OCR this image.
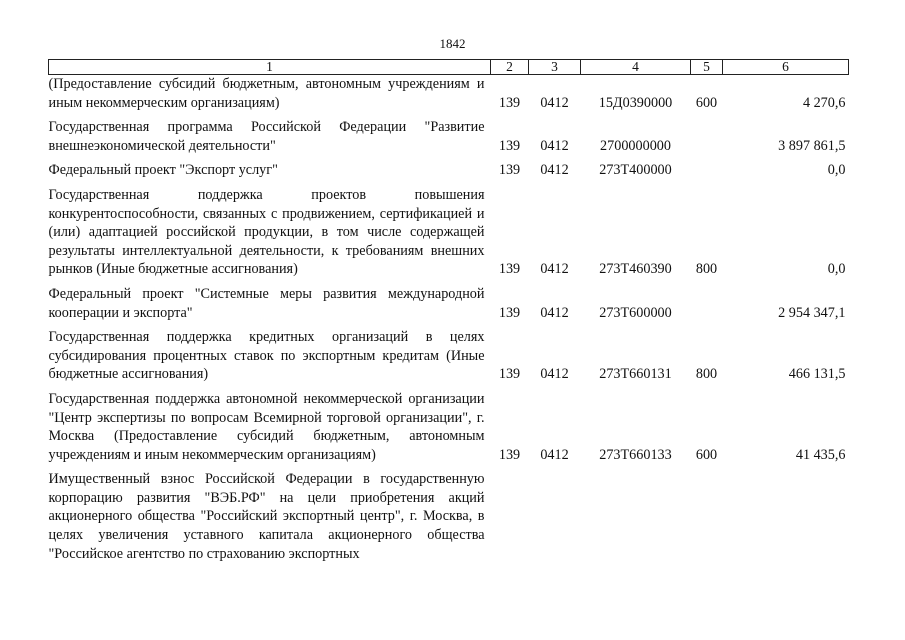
1842
1	2	3	4	5	6
(Предоставление субсидий бюджетным, автономным учреждениям и иным некоммерческим организациям)	139	0412	15Д0390000	600	4 270,6
Государственная программа Российской Федерации "Развитие внешнеэкономической деятельности"	139	0412	2700000000		3 897 861,5
Федеральный проект "Экспорт услуг"	139	0412	273Т400000		0,0
Государственная поддержка проектов повышения конкурентоспособности, связанных с продвижением, сертификацией и (или) адаптацией российской продукции, в том числе содержащей результаты интеллектуальной деятельности, к требованиям внешних рынков (Иные бюджетные ассигнования)	139	0412	273Т460390	800	0,0
Федеральный проект "Системные меры развития международной кооперации и экспорта"	139	0412	273Т600000		2 954 347,1
Государственная поддержка кредитных организаций в целях субсидирования процентных ставок по экспортным кредитам (Иные бюджетные ассигнования)	139	0412	273Т660131	800	466 131,5
Государственная поддержка автономной некоммерческой организации "Центр экспертизы по вопросам Всемирной торговой организации", г. Москва (Предоставление субсидий бюджетным, автономным учреждениям и иным некоммерческим организациям)	139	0412	273Т660133	600	41 435,6
Имущественный взнос Российской Федерации в государственную корпорацию развития "ВЭБ.РФ" на цели приобретения акций акционерного общества "Российский экспортный центр", г. Москва, в целях увеличения уставного капитала акционерного общества "Российское агентство по страхованию экспортных					
